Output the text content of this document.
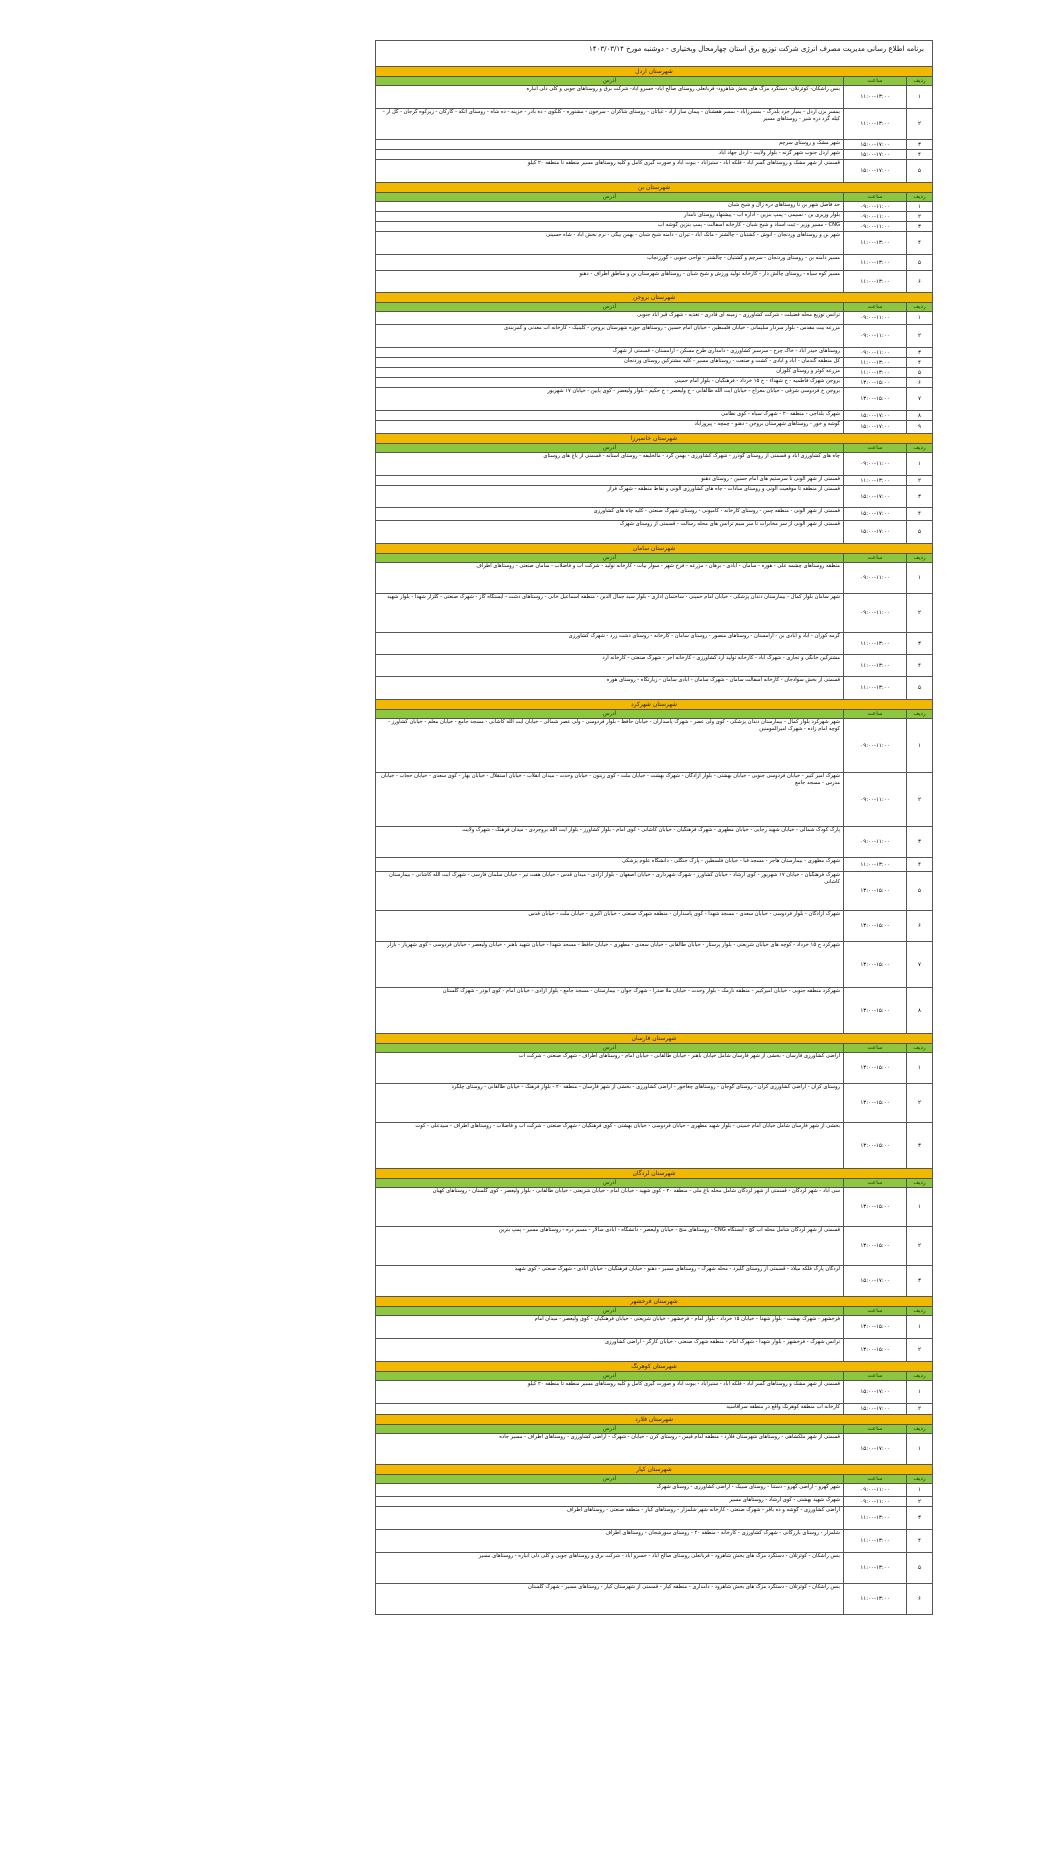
برنامه اطلاع رسانی مدیریت مصرف انرژی شرکت توزیع برق استان چهارمحال وبختیاری - دوشنبه مورخ ۱۴۰۳/۰۳/۱۴
شهرستان اردل
ردیف
ساعت
آدرس
۱
۱۱:۰۰-۱۳:۰۰
بنس راشکان- کوثرتلان- دستگرد مزگ های بخش شاهرود- قربانعلی روستای صالح آباد- خسرو آباد- شرکت برق و روستاهای جوبی و کلی دلی انباره
۲
۱۱:۰۰-۱۳:۰۰
بمسر بزن اردل - بمبار جرد بلدرگ - بمسرزآباد - بمسر هفشنان - پیمان ساز آزاد - غیاثان - روستای شاکران - سرخون - مشتوره - کلکوی - ده بادر - خزینه - ده شاه - روستای اتکه - گارکان - زیرکوه گرجان - گل ار - کیله گرد دره شیر - روستاهای مسیر
۳
۱۵:۰۰-۱۷:۰۰
شهر مشک و روستای سرچم
۴
۱۵:۰۰-۱۷:۰۰
شهر اردل جنوب شهر گزنه - بلوار ولایت - اردل جهاد آباد
۵
۱۵:۰۰-۱۷:۰۰
قسمتی از شهر مشک و روستاهای گسر آباد - فلکه آباد - ستیزآباد - بیوت آباد و صورت گیری کامل و کلیه روستاهای مسیر منطقه تا منطقه ۲۰ کیلو
شهرستان بن
ردیف
ساعت
آدرس
۱
۰۹:۰۰-۱۱:۰۰
حد فاصل شهر بن تا روستاهای دره زال و شیخ شبان
۲
۰۹:۰۰-۱۱:۰۰
بلوار وزیری بن - نسیمی - پمپ بنزین - اداره آب - پیشنهاد روستای نامدار
۳
۰۹:۰۰-۱۱:۰۰
CNG - مسیر وزیر - ثبت اسناد و شیخ شبان - کارخانه آسفالت - پمپ بنزین گوشه آب
۴
۱۱:۰۰-۱۳:۰۰
شهر بن و روستاهای وردنجان - انوش - کشتیان - چالشتر - ماتک آباد - تیران - دامنه شیخ شبان - بهمن بیگی - نرم بخش آباد - شاه حسینی
۵
۱۱:۰۰-۱۳:۰۰
مسیر دامنه بن - روستای وردنجان - سرچم و کشتیان - چالشتر - نواحی جنوبی - گورزنجاب
۶
۱۱:۰۰-۱۳:۰۰
مسیر کوه سیاه - روستای چالش دار - کارخانه تولید ورزش و شیخ شبان - روستاهای شهرستان بن و مناطق اطراف - دهنو
شهرستان بروجن
ردیف
ساعت
آدرس
۱
۰۹:۰۰-۱۱:۰۰
ترانس توزیع محله فضیلت - شرکت کشاورزی - زمینه ای قادری - تغذیه - شهرک قیر آباد جنوبی
۲
۰۹:۰۰-۱۱:۰۰
مزرعه بیت مقدس - بلوار سردار سلیمانی - خیابان فلسطین - خیابان امام حسین - روستاهای حوزه شهرستان بروجن - کلینیک - کارخانه آب معدنی و کمربندی
۳
۰۹:۰۰-۱۱:۰۰
روستاهای حیدر آباد - خاک چرخ - سرسبز کشاورزی - دامداری طرح مسکن - آرامستان - قسمتی از شهرک
۴
۱۱:۰۰-۱۳:۰۰
کل منطقه گندمان - آباد و آبادی - کشت و صنعت - روستاهای مسیر - کلیه مشترکین روستای وردنجان
۵
۱۱:۰۰-۱۳:۰۰
مزرعه کوثر و روستای کلوزان
۶
۱۳:۰۰-۱۵:۰۰
بروجن شهرک فاطمیه - خ شهداء - خ ۱۵ خرداد - فرهنگیان - بلوار امام خمینی
۷
۱۳:۰۰-۱۵:۰۰
بروجن خ فردوسی شرقی - خیابان معراج - خیابان آیت الله طالقانی - خ ولیعصر - خ حکیم - بلوار ولیعصر - کوی پایین - خیابان ۱۷ شهریور
۸
۱۵:۰۰-۱۷:۰۰
شهرک بلداجی - منطقه ۲۰ - شهرک سیاه - کوی نظامی
۹
۱۵:۰۰-۱۷:۰۰
گوشه و خور - روستاهای شهرستان بروجن - دهنو - چمچه - پیروزآباد
شهرستان خانمیرزا
ردیف
ساعت
آدرس
۱
۰۹:۰۰-۱۱:۰۰
چاه های کشاورزی آباد و قسمتی از روستای گودرز - شهرک کشاورزی - بهمن گرد - مالخلیفه - روستای آستانه - قسمتی از باغ های روستای
۲
۱۱:۰۰-۱۳:۰۰
قسمتی از شهر آلونی تا سرستیم های امام حسین - روستای دهنو
۳
۱۵:۰۰-۱۷:۰۰
قسمتی از منطقه تا موقعیت آلونی و روستای سادات - چاه های کشاورزی آلونی و نقاط منطقه - شهرک فراز
۴
۱۵:۰۰-۱۷:۰۰
قسمتی از شهر آلونی - منطقه چمن - روستای کارخانه - کامیونی - روستای شهرک صنعتی - کلیه چاه های کشاورزی
۵
۱۵:۰۰-۱۷:۰۰
قسمتی از شهر آلونی از سر مخابرات تا سر سیم ترانس های محله رسالت - قسمتی از روستای شهرک
شهرستان سامان
ردیف
ساعت
آدرس
۱
۰۹:۰۰-۱۱:۰۰
منطقه روستاهای چشمه علی - هوره - سامان - آبادی - برهان - مزرعه - فرخ شهر - سوار بیات - کارخانه تولید - شرکت آب و فاضلاب - سامان صنعتی - روستاهای اطراف
۲
۰۹:۰۰-۱۱:۰۰
شهر سامان بلوار کمال - بیمارستان دندان پزشکی - خیابان امام خمینی - ساختمان اداری - بلوار سید جمال الدین - منطقه اسماعیل خانی - روستاهای دشت - ایستگاه گاز - شهرک صنعتی - گلزار شهدا - بلوار شهید
۳
۱۱:۰۰-۱۳:۰۰
گرمه کوران - آباد و آبادی بن - آرامستان - روستاهای منصور - روستای سامان - کارخانه - روستای دشت زرد - شهرک کشاورزی
۴
۱۱:۰۰-۱۳:۰۰
مشترکین خانگی و تجاری - شهرک آباد - کارخانه تولید آرد کشاورزی - کارخانه آجر - شهرک صنعتی - کارخانه آرد
۵
۱۱:۰۰-۱۳:۰۰
قسمتی از بخش سوادجان - کارخانه آسفالت سامان - شهرک سامان - آبادی سامان - زیارتگاه - روستای هوره
شهرستان شهرکرد
ردیف
ساعت
آدرس
۱
۰۹:۰۰-۱۱:۰۰
شهر شهرکرد بلوار کمال - بیمارستان دندان پزشکی - کوی ولی عصر - شهرک پاسداران - خیابان حافظ - بلوار فردوسی - ولی عصر شمالی - خیابان آیت الله کاشانی - مسجد جامع - خیابان معلم - خیابان کشاورز - کوچه امام زاده - شهرک امیرالمومنین
۲
۰۹:۰۰-۱۱:۰۰
شهرک امیر کبیر - خیابان فردوسی جنوبی - خیابان بهشتی - بلوار آزادگان - شهرک بهشت - خیابان ملت - کوی زیتون - خیابان وحدت - میدان انقلاب - خیابان استقلال - خیابان بهار - کوی سعدی - خیابان حجاب - خیابان مدرس - مسجد جامع
۳
۰۹:۰۰-۱۱:۰۰
پارک کودک شمالی - خیابان شهید رجایی - خیابان مطهری - شهرک فرهنگیان - خیابان کاشانی - کوی امام - بلوار کشاورز - بلوار آیت الله بروجردی - میدان فرهنگ - شهرک ولایت
۴
۱۱:۰۰-۱۳:۰۰
شهرک مطهری - بیمارستان هاجر - مسجد قبا - خیابان فلسطین - پارک جنگلی - دانشگاه علوم پزشکی
۵
۱۳:۰۰-۱۵:۰۰
شهرک فرهنگیان - خیابان ۱۷ شهریور - کوی ارشاد - خیابان کشاورز - شهرک شهرداری - خیابان اصفهان - بلوار آزادی - میدان قدس - خیابان هفت تیر - خیابان سلمان فارسی - شهرک آیت الله کاشانی - بیمارستان کاشانی
۶
۱۳:۰۰-۱۵:۰۰
شهرک آزادگان - بلوار فردوسی - خیابان سعدی - مسجد شهدا - کوی پاسداران - منطقه شهرک صنعتی - خیابان اکبری - خیابان ملت - خیابان قدس
۷
۱۳:۰۰-۱۵:۰۰
شهرکرد ح ۱۵ خرداد - کوچه های خیابان شریعتی - بلوار پرستار - خیابان طالقانی - خیابان سعدی - مطهری - خیابان حافظ - مسجد شهدا - خیابان شهید باهنر - خیابان ولیعصر - خیابان فردوسی - کوی شهریار - بازار
۸
۱۳:۰۰-۱۵:۰۰
شهرکرد منطقه جنوبی - خیابان امیرکبیر - منطقه نارمک - بلوار وحدت - خیابان ملا صدرا - شهرک جوان - بیمارستان - مسجد جامع - بلوار آزادی - خیابان امام - کوی ابوذر - شهرک گلستان
شهرستان فارسان
ردیف
ساعت
آدرس
۱
۱۳:۰۰-۱۵:۰۰
اراضی کشاورزی فارسان - بخشی از شهر فارسان شامل خیابان باهنر - خیابان طالقانی - خیابان امام - روستاهای اطراف - شهرک صنعتی - شرکت آب
۲
۱۳:۰۰-۱۵:۰۰
روستای کران - اراضی کشاورزی کران - روستای گوجان - روستاهای چغاخور - اراضی کشاورزی - بخشی از شهر فارسان - منطقه ۲۰ - بلوار فرهنگ - خیابان طالقانی - روستای چلگرد
۳
۱۳:۰۰-۱۵:۰۰
بخشی از شهر فارسان شامل خیابان امام خمینی - بلوار شهید مطهری - خیابان فردوسی - خیابان بهشتی - کوی فرهنگیان - شهرک صنعتی - شرکت آب و فاضلاب - روستاهای اطراف - سیدعلی - کوت
شهرستان لردگان
ردیف
ساعت
آدرس
۱
۱۳:۰۰-۱۵:۰۰
سی آباد - شهر لردگان - قسمتی از شهر لردگان شامل محله باغ ملی - منطقه ۲۰ - کوی شهید - خیابان امام - خیابان شریعتی - خیابان طالقانی - بلوار ولیعصر - کوی گلستان - روستاهای کهیان
۲
۱۳:۰۰-۱۵:۰۰
قسمتی از شهر لردگان شامل محله آب گچ - ایستگاه CNG - روستاهای منج - خیابان ولیعصر - دانشگاه - آبادی سالار - مسیر دره - روستاهای مسیر - پمپ بنزین
۳
۱۵:۰۰-۱۷:۰۰
لردگان پارک فلکه میلاد - قسمتی از روستای گلیرد - محله شهرک - روستاهای مسیر - دهنو - خیابان فرهنگیان - خیابان آبادی - شهرک صنعتی - کوی شهید
شهرستان فرخشهر
ردیف
ساعت
آدرس
۱
۱۳:۰۰-۱۵:۰۰
فرخشهر - شهرک بهشت - بلوار شهدا - خیابان ۱۵ خرداد - بلوار امام - فرخشهر - خیابان شریعتی - خیابان فرهنگیان - کوی ولیعصر - میدان امام
۲
۱۳:۰۰-۱۵:۰۰
ترانس شهرک - فرخشهر - بلوار شهدا - شهرک امام - منطقه شهرک صنعتی - خیابان کارگر - اراضی کشاورزی
شهرستان کوهرنگ
ردیف
ساعت
آدرس
۱
۱۵:۰۰-۱۷:۰۰
قسمتی از شهر مشک و روستاهای گسر آباد - فلکه آباد - ستیزآباد - بیوت آباد و صورت گیری کامل و کلیه روستاهای مسیر منطقه تا منطقه ۲۰ کیلو
۲
۱۵:۰۰-۱۷:۰۰
کارخانه آب منطقه کوهرنگ واقع در منطقه سرآقاسید
شهرستان فلارد
ردیف
ساعت
آدرس
۱
۱۵:۰۰-۱۷:۰۰
قسمتی از شهر ملکشاهی - روستاهای شهرستان فلارد - منطقه امام قیس - روستای کرن - خیابان - شهرک - اراضی کشاورزی - روستاهای اطراف - مسیر جاده
شهرستان کیار
ردیف
ساعت
آدرس
۱
۰۹:۰۰-۱۱:۰۰
شهر گهرو - اراضی گهرو - دستنا - روستای سیبک - اراضی کشاورزی - روستای شهرک
۲
۰۹:۰۰-۱۱:۰۰
شهرک شهید بهشتی - کوی ارشاد - روستاهای مسیر
۳
۱۱:۰۰-۱۳:۰۰
اراضی کشاورزی - گوشه و ده باقر - شهرک صنعتی - کارخانه شهر شلمزار - روستاهای کیار - منطقه صنعتی - روستاهای اطراف
۴
۱۱:۰۰-۱۳:۰۰
شلمزار - روستای بازرگانی - شهرک کشاورزی - کارخانه - منطقه ۲۰ - روستای سورشجان - روستاهای اطراف
۵
۱۱:۰۰-۱۳:۰۰
بنس راشکان - کوثرتلان - دستگرد مزگ های بخش شاهرود - قربانعلی روستای صالح آباد - خسرو آباد - شرکت برق و روستاهای جوبی و کلی دلی انباره - روستاهای مسیر
۶
۱۱:۰۰-۱۳:۰۰
بنس راشکان - کوثرتلان - دستگرد مزگ های بخش شاهرود - دامداری - منطقه کیار - قسمتی از شهرستان کیار - روستاهای مسیر - شهرک گلستان
